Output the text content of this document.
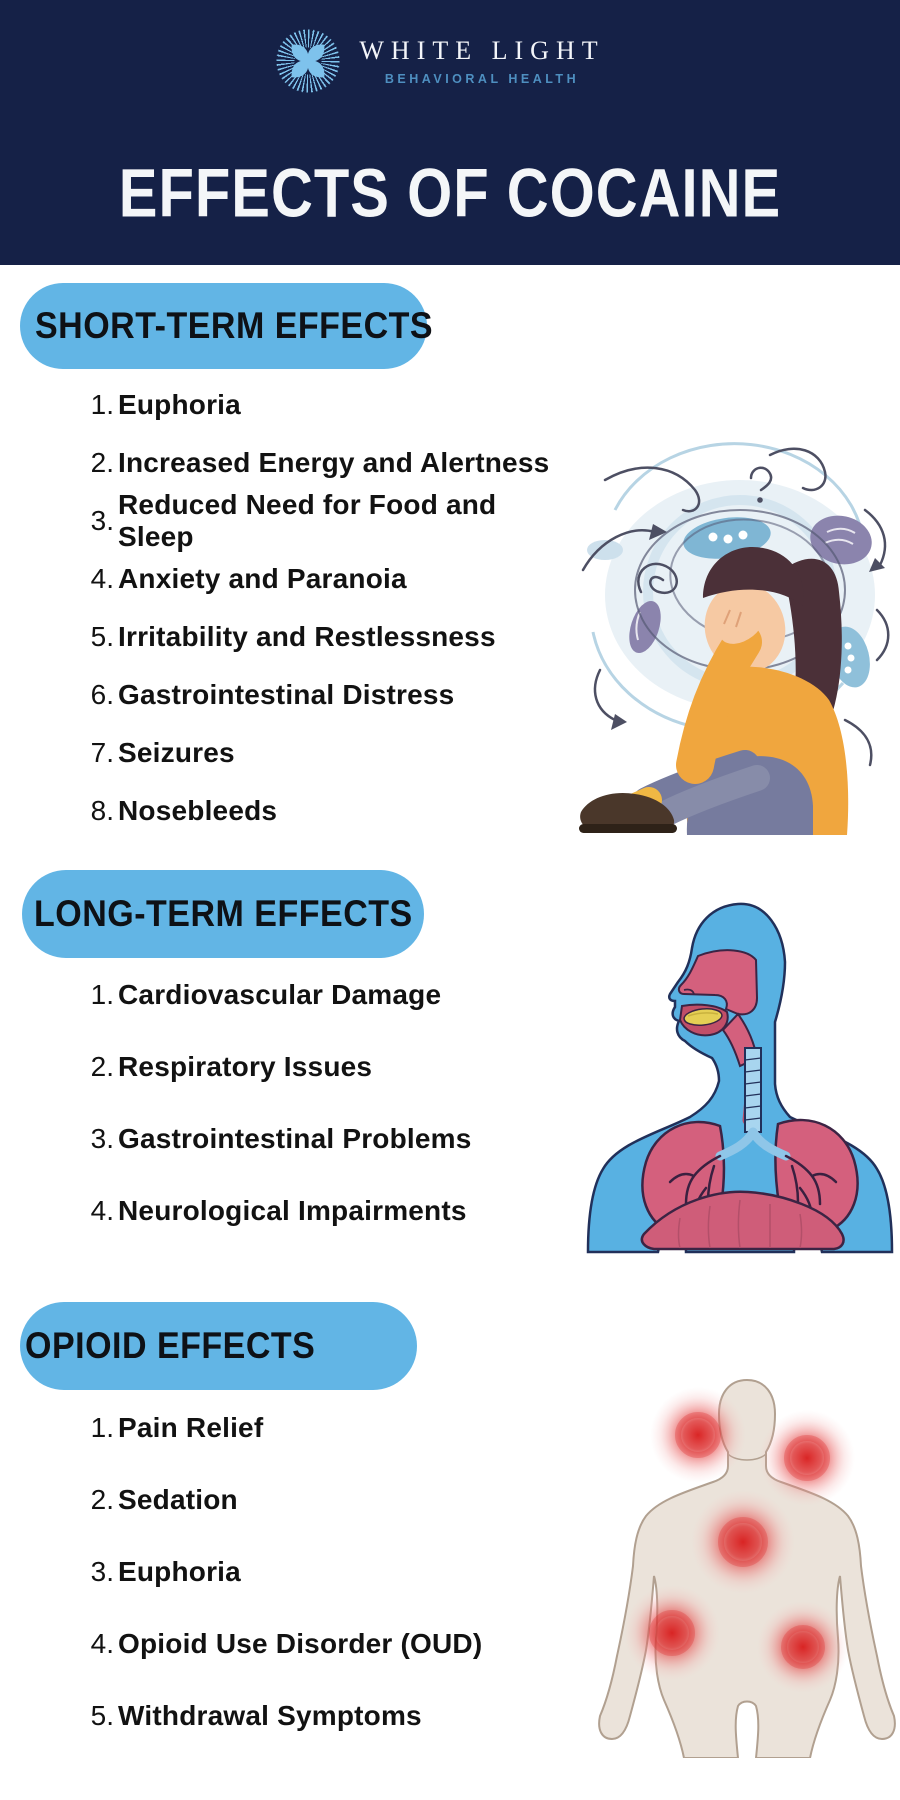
WHITE LIGHT
BEHAVIORAL HEALTH
EFFECTS OF COCAINE
SHORT-TERM EFFECTS
LONG-TERM EFFECTS
OPIOID EFFECTS
1. Euphoria
2. Increased Energy and Alertness
3.
Reduced Need for Food and Sleep
4. Anxiety and Paranoia
5. Irritability and Restlessness
6. Gastrointestinal Distress
7. Seizures
8. Nosebleeds
1. Cardiovascular Damage
2. Respiratory Issues
3. Gastrointestinal Problems
4. Neurological Impairments
1. Pain Relief
2. Sedation
3. Euphoria
4. Opioid Use Disorder (OUD)
5. Withdrawal Symptoms
